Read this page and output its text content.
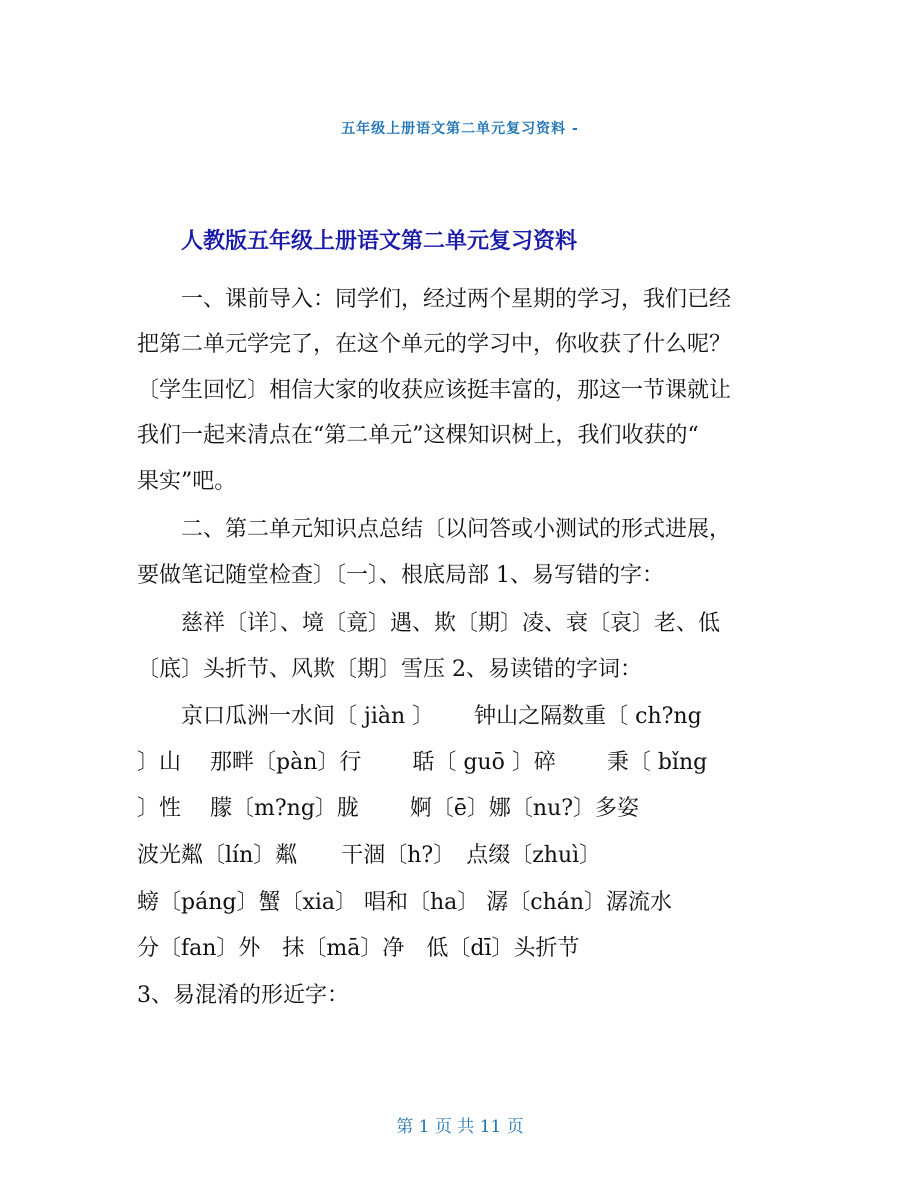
五年级上册语文第二单元复习资料 -
人教版五年级上册语文第二单元复习资料
　　一、课前导入：同学们，经过两个星期的学习，我们已经
把第二单元学完了，在这个单元的学习中，你收获了什么呢？
〔学生回忆〕相信大家的收获应该挺丰富的，那这一节课就让
我们一起来清点在“第二单元”这棵知识树上，我们收获的“
果实”吧。
　　二、第二单元知识点总结〔以问答或小测试的形式进展，
要做笔记随堂检查〕〔一〕、根底局部 1、易写错的字：
　　慈祥〔详〕、境〔竟〕遇、欺〔期〕凌、衰〔哀〕老、低
〔底〕头折节、风欺〔期〕雪压 2、易读错的字词：
　　京口瓜洲一水间〔 jiàn 〕　　 钟山之隔数重〔 ch?ng
〕山　 那畔〔pàn〕行　　 聒〔 guō 〕碎　　 秉〔 bǐng
〕性　 朦〔m?ng〕胧　　 婀〔ē〕娜〔nu?〕多姿
波光粼〔lín〕粼　　干涸〔h?〕　点缀〔zhuì〕
螃〔páng〕蟹〔xia〕 唱和〔ha〕 潺〔chán〕潺流水
分〔fan〕外　抹〔mā〕净　低〔dī〕头折节
3、易混淆的形近字：
第 1 页 共 11 页
